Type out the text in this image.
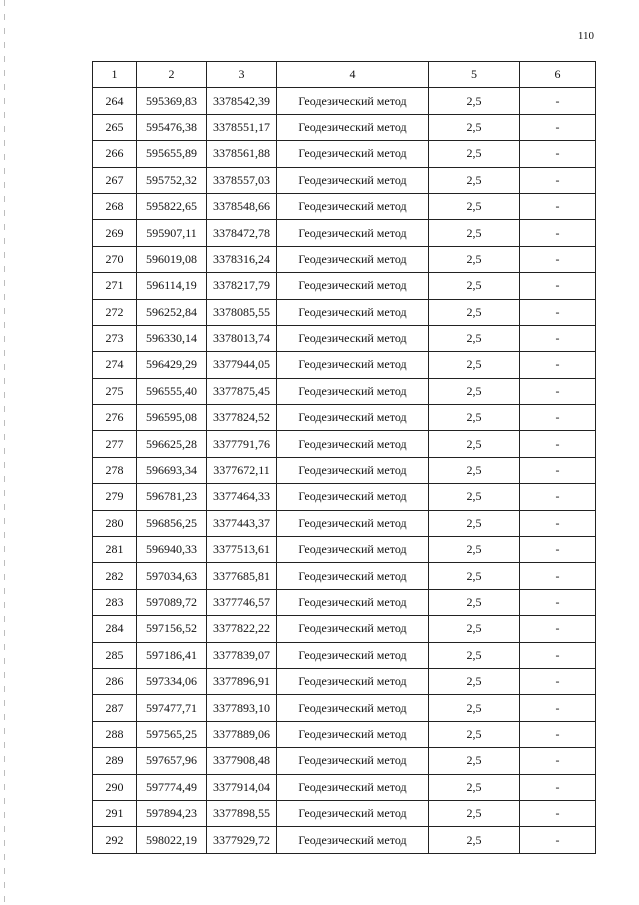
110
1	2	3	4	5	6
264	595369,83	3378542,39	Геодезический метод	2,5	-
265	595476,38	3378551,17	Геодезический метод	2,5	-
266	595655,89	3378561,88	Геодезический метод	2,5	-
267	595752,32	3378557,03	Геодезический метод	2,5	-
268	595822,65	3378548,66	Геодезический метод	2,5	-
269	595907,11	3378472,78	Геодезический метод	2,5	-
270	596019,08	3378316,24	Геодезический метод	2,5	-
271	596114,19	3378217,79	Геодезический метод	2,5	-
272	596252,84	3378085,55	Геодезический метод	2,5	-
273	596330,14	3378013,74	Геодезический метод	2,5	-
274	596429,29	3377944,05	Геодезический метод	2,5	-
275	596555,40	3377875,45	Геодезический метод	2,5	-
276	596595,08	3377824,52	Геодезический метод	2,5	-
277	596625,28	3377791,76	Геодезический метод	2,5	-
278	596693,34	3377672,11	Геодезический метод	2,5	-
279	596781,23	3377464,33	Геодезический метод	2,5	-
280	596856,25	3377443,37	Геодезический метод	2,5	-
281	596940,33	3377513,61	Геодезический метод	2,5	-
282	597034,63	3377685,81	Геодезический метод	2,5	-
283	597089,72	3377746,57	Геодезический метод	2,5	-
284	597156,52	3377822,22	Геодезический метод	2,5	-
285	597186,41	3377839,07	Геодезический метод	2,5	-
286	597334,06	3377896,91	Геодезический метод	2,5	-
287	597477,71	3377893,10	Геодезический метод	2,5	-
288	597565,25	3377889,06	Геодезический метод	2,5	-
289	597657,96	3377908,48	Геодезический метод	2,5	-
290	597774,49	3377914,04	Геодезический метод	2,5	-
291	597894,23	3377898,55	Геодезический метод	2,5	-
292	598022,19	3377929,72	Геодезический метод	2,5	-
